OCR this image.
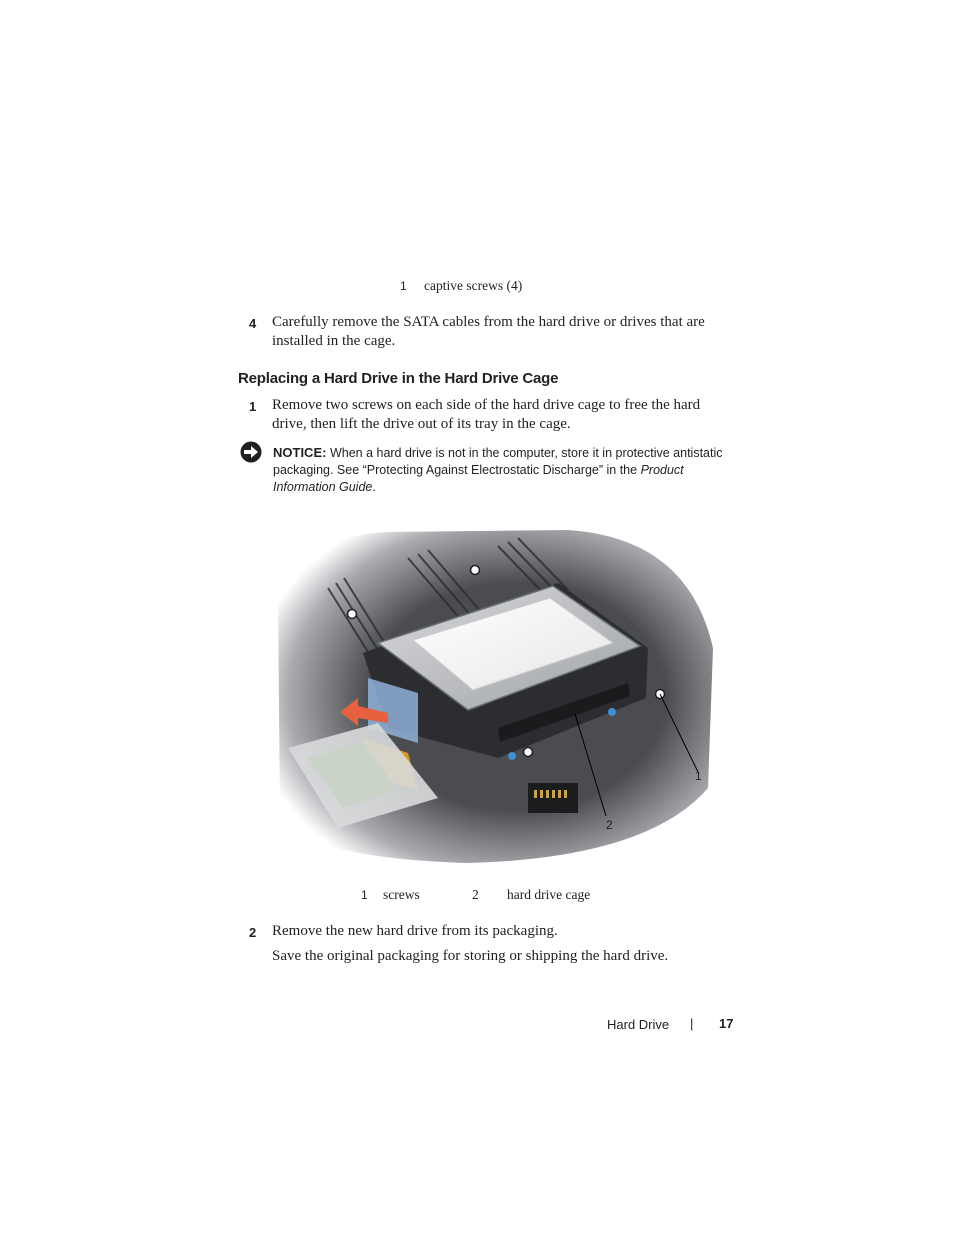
1 captive screws (4)
4 Carefully remove the SATA cables from the hard drive or drives that are
installed in the cage.
Replacing a Hard Drive in the Hard Drive Cage
1 Remove two screws on each side of the hard drive cage to free the hard
drive, then lift the drive out of its tray in the cage.
NOTICE: When a hard drive is not in the computer, store it in protective antistatic
packaging. See “Protecting Against Electrostatic Discharge” in the Product
Information Guide.
1
2
1 screws	2 hard drive cage
2 Remove the new hard drive from its packaging.
Save the original packaging for storing or shipping the hard drive.
Hard Drive | 17
